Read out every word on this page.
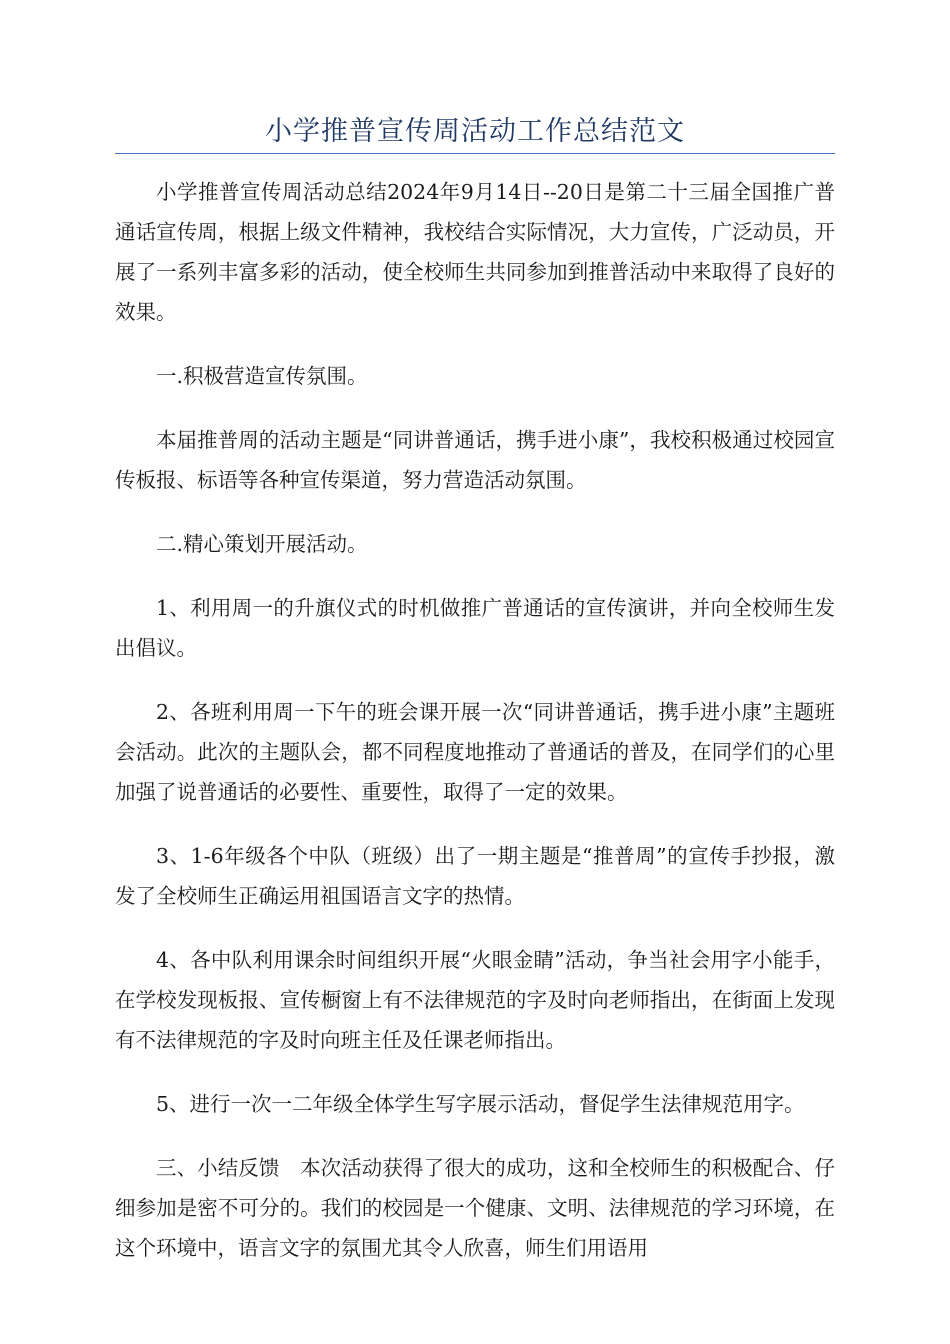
小学推普宣传周活动工作总结范文

小学推普宣传周活动总结2024年9月14日--20日是第二十三届全国推广普通话宣传周，根据上级文件精神，我校结合实际情况，大力宣传，广泛动员，开展了一系列丰富多彩的活动，使全校师生共同参加到推普活动中来取得了良好的效果。

一.积极营造宣传氛围。

本届推普周的活动主题是“同讲普通话，携手进小康”，我校积极通过校园宣传板报、标语等各种宣传渠道，努力营造活动氛围。

二.精心策划开展活动。

1、利用周一的升旗仪式的时机做推广普通话的宣传演讲，并向全校师生发出倡议。

2、各班利用周一下午的班会课开展一次“同讲普通话，携手进小康”主题班会活动。此次的主题队会，都不同程度地推动了普通话的普及，在同学们的心里加强了说普通话的必要性、重要性，取得了一定的效果。

3、1-6年级各个中队（班级）出了一期主题是“推普周”的宣传手抄报，激发了全校师生正确运用祖国语言文字的热情。

4、各中队利用课余时间组织开展“火眼金睛”活动，争当社会用字小能手，在学校发现板报、宣传橱窗上有不法律规范的字及时向老师指出，在街面上发现有不法律规范的字及时向班主任及任课老师指出。

5、进行一次一二年级全体学生写字展示活动，督促学生法律规范用字。

三、小结反馈　本次活动获得了很大的成功，这和全校师生的积极配合、仔细参加是密不可分的。我们的校园是一个健康、文明、法律规范的学习环境，在这个环境中，语言文字的氛围尤其令人欣喜，师生们用语用
